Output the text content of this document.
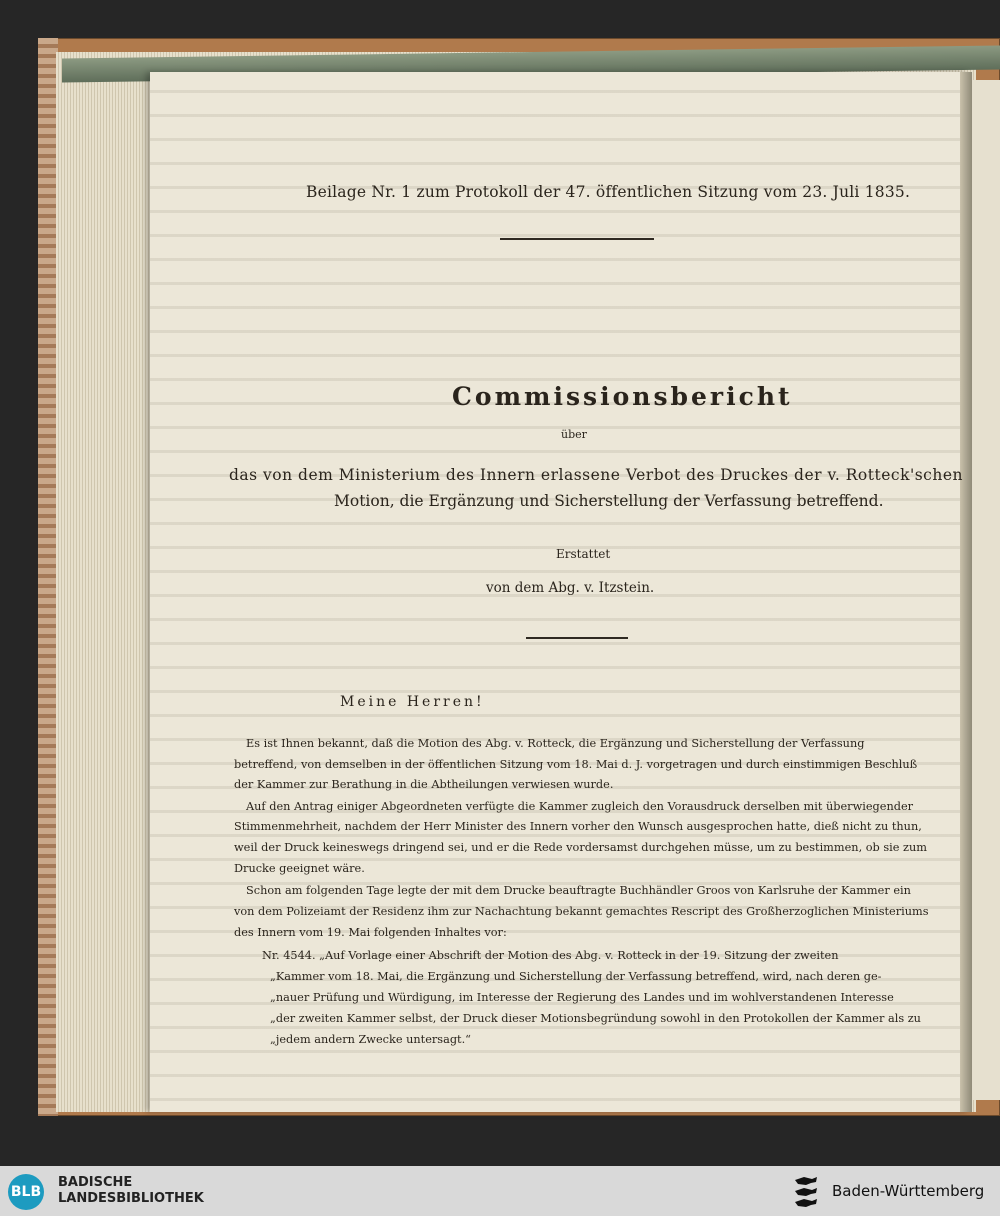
Beilage Nr. 1 zum Protokoll der 47. öffentlichen Sitzung vom 23. Juli 1835.
Commissionsbericht
über
das von dem Ministerium des Innern erlassene Verbot des Druckes der v. Rotteck'schen
Motion, die Ergänzung und Sicherstellung der Verfassung betreffend.
Erstattet
von dem Abg. v. Itzstein.
Meine Herren!
Es ist Ihnen bekannt, daß die Motion des Abg. v. Rotteck, die Ergänzung und Sicherstellung der Verfassung
betreffend, von demselben in der öffentlichen Sitzung vom 18. Mai d. J. vorgetragen und durch einstimmigen Beschluß
der Kammer zur Berathung in die Abtheilungen verwiesen wurde.
Auf den Antrag einiger Abgeordneten verfügte die Kammer zugleich den Vorausdruck derselben mit überwiegender
Stimmenmehrheit, nachdem der Herr Minister des Innern vorher den Wunsch ausgesprochen hatte, dieß nicht zu thun,
weil der Druck keineswegs dringend sei, und er die Rede vordersamst durchgehen müsse, um zu bestimmen, ob sie zum
Drucke geeignet wäre.
Schon am folgenden Tage legte der mit dem Drucke beauftragte Buchhändler Groos von Karlsruhe der Kammer ein
von dem Polizeiamt der Residenz ihm zur Nachachtung bekannt gemachtes Rescript des Großherzoglichen Ministeriums
des Innern vom 19. Mai folgenden Inhaltes vor:
Nr. 4544. „Auf Vorlage einer Abschrift der Motion des Abg. v. Rotteck in der 19. Sitzung der zweiten
„Kammer vom 18. Mai, die Ergänzung und Sicherstellung der Verfassung betreffend, wird, nach deren ge-
„nauer Prüfung und Würdigung, im Interesse der Regierung des Landes und im wohlverstandenen Interesse
„der zweiten Kammer selbst, der Druck dieser Motionsbegründung sowohl in den Protokollen der Kammer als zu
„jedem andern Zwecke untersagt.“
BLB
BADISCHE
LANDESBIBLIOTHEK	Baden-Württemberg
